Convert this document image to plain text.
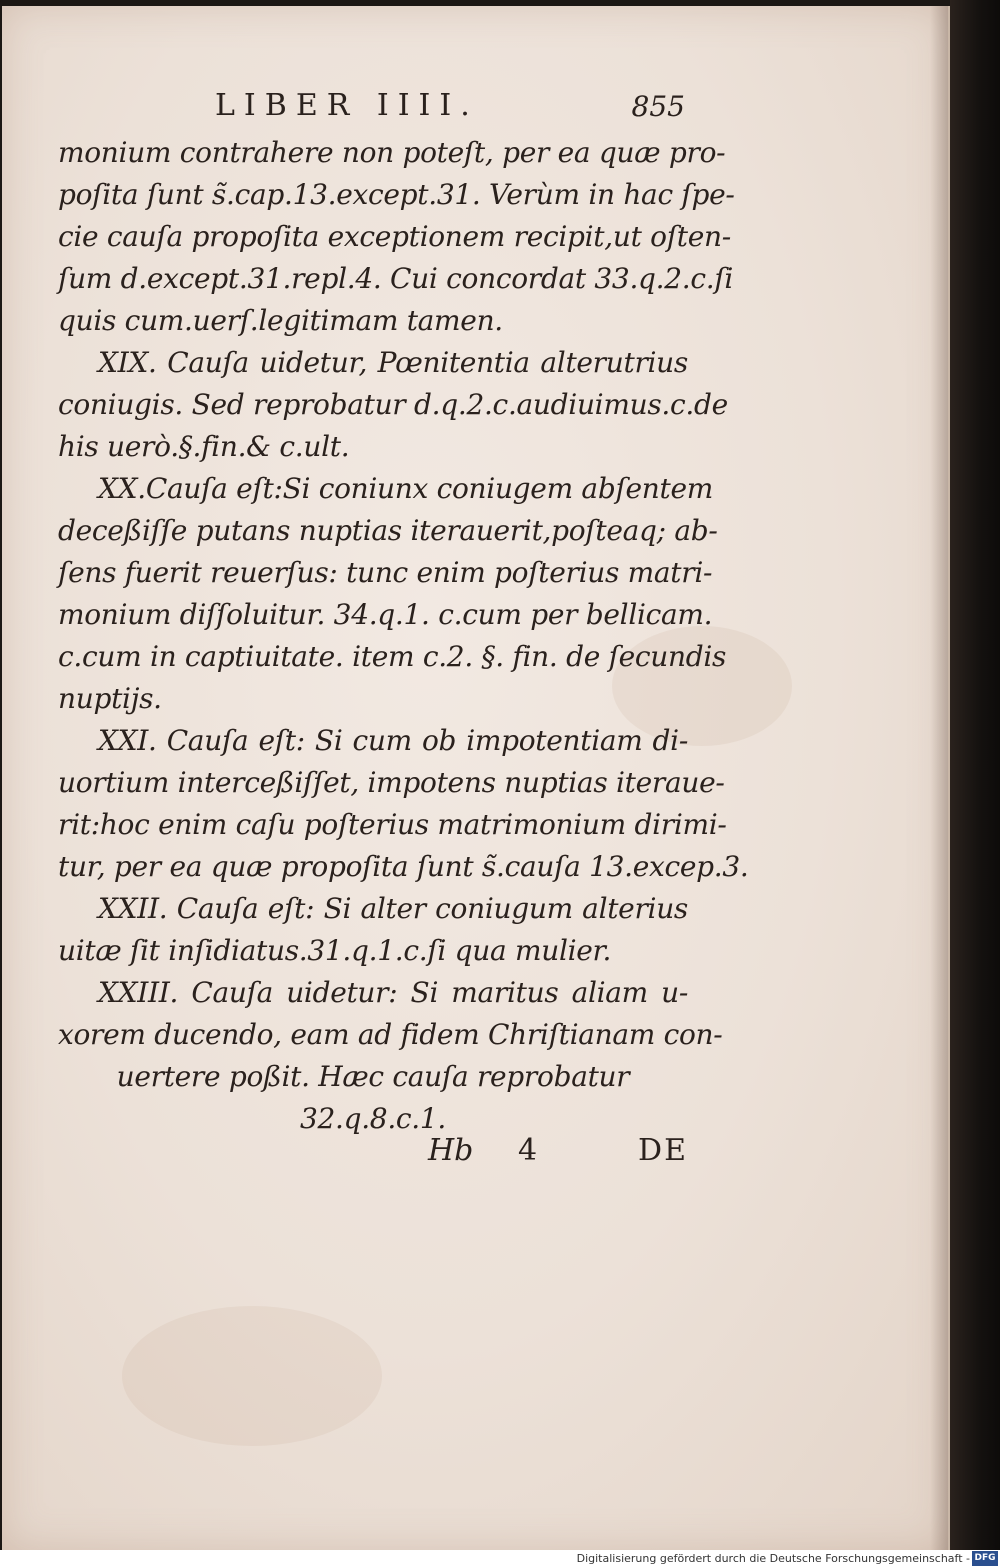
LIBER IIII.	855
monium contrahere non poteſt, per ea quæ pro-
poſita ſunt s̃.cap.13.except.31. Verùm in hac ſpe-
cie cauſa propoſita exceptionem recipit,ut oſten-
ſum d.except.31.repl.4. Cui concordat 33.q.2.c.ſi
quis cum.uerſ.legitimam tamen.
XIX. Cauſa uidetur, Pœnitentia alterutrius
coniugis. Sed reprobatur d.q.2.c.audiuimus.c.de
his uerò.§.fin.& c.ult.
XX.Cauſa eſt:Si coniunx coniugem abſentem
deceßiſſe putans nuptias iterauerit,poſteaq; ab-
ſens fuerit reuerſus: tunc enim poſterius matri-
monium diſſoluitur. 34.q.1. c.cum per bellicam.
c.cum in captiuitate. item c.2. §. fin. de ſecundis
nuptijs.
XXI. Cauſa eſt: Si cum ob impotentiam di-
uortium interceßiſſet, impotens nuptias iteraue-
rit:hoc enim caſu poſterius matrimonium dirimi-
tur, per ea quæ propoſita ſunt s̃.cauſa 13.excep.3.
XXII. Cauſa eſt: Si alter coniugum alterius
uitæ ſit inſidiatus.31.q.1.c.ſi qua mulier.
XXIII. Cauſa uidetur: Si maritus aliam u-
xorem ducendo, eam ad fidem Chriſtianam con-
uertere poßit. Hæc cauſa reprobatur
32.q.8.c.1.
Hb 4	DE
Digitalisierung gefördert durch die Deutsche Forschungsgemeinschaft - DFG
